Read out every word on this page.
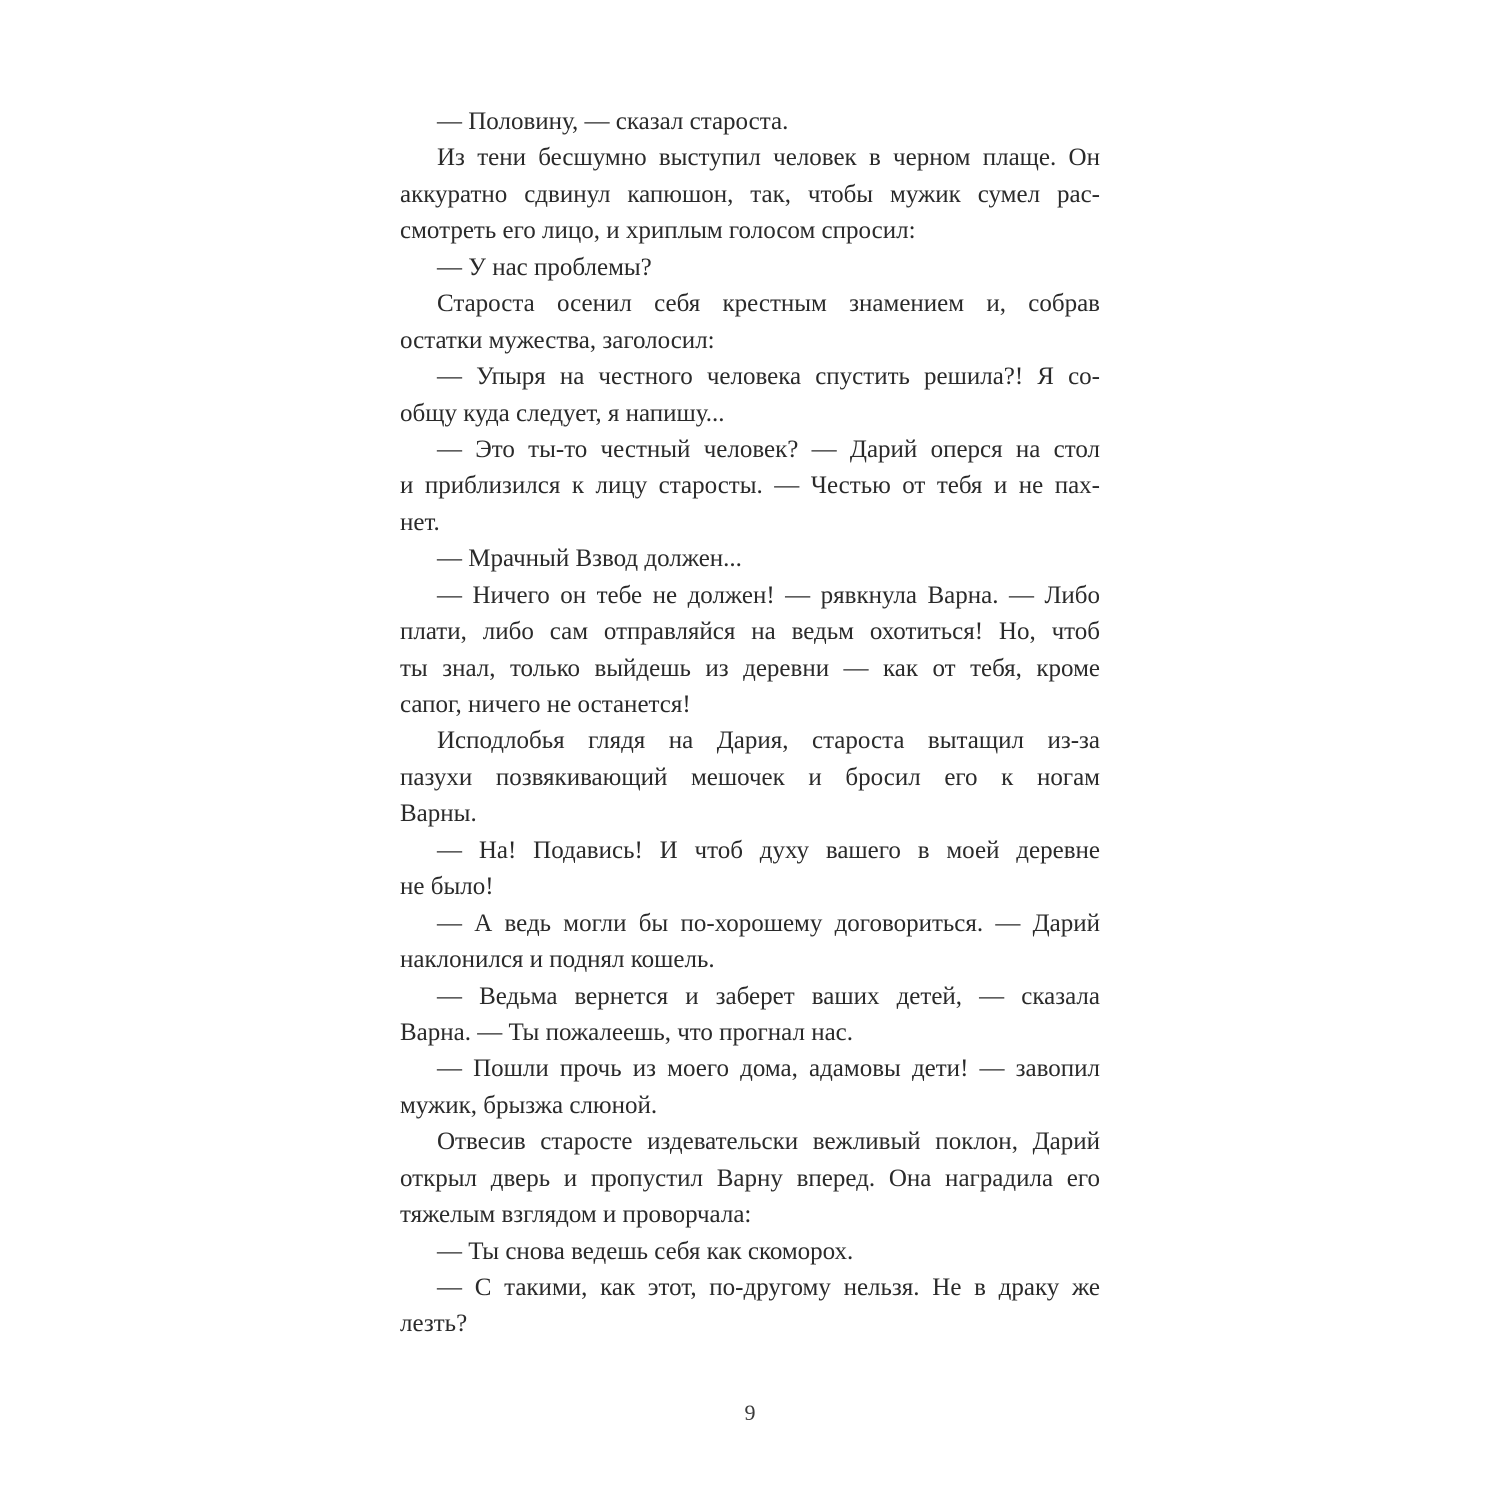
— Половину, — сказал староста.
Из тени бесшумно выступил человек в черном плаще. Он
аккуратно сдвинул капюшон, так, чтобы мужик сумел рас-
смотреть его лицо, и хриплым голосом спросил:
— У нас проблемы?
Староста осенил себя крестным знамением и, собрав
остатки мужества, заголосил:
— Упыря на честного человека спустить решила?! Я со-
общу куда следует, я напишу...
— Это ты-то честный человек? — Дарий оперся на стол
и приблизился к лицу старосты. — Честью от тебя и не пах-
нет.
— Мрачный Взвод должен...
— Ничего он тебе не должен! — рявкнула Варна. — Либо
плати, либо сам отправляйся на ведьм охотиться! Но, чтоб
ты знал, только выйдешь из деревни — как от тебя, кроме
сапог, ничего не останется!
Исподлобья глядя на Дария, староста вытащил из-за
пазухи позвякивающий мешочек и бросил его к ногам
Варны.
— На! Подавись! И чтоб духу вашего в моей деревне
не было!
— А ведь могли бы по-хорошему договориться. — Дарий
наклонился и поднял кошель.
— Ведьма вернется и заберет ваших детей, — сказала
Варна. — Ты пожалеешь, что прогнал нас.
— Пошли прочь из моего дома, адамовы дети! — завопил
мужик, брызжа слюной.
Отвесив старосте издевательски вежливый поклон, Дарий
открыл дверь и пропустил Варну вперед. Она наградила его
тяжелым взглядом и проворчала:
— Ты снова ведешь себя как скоморох.
— С такими, как этот, по-другому нельзя. Не в драку же
лезть?
9
